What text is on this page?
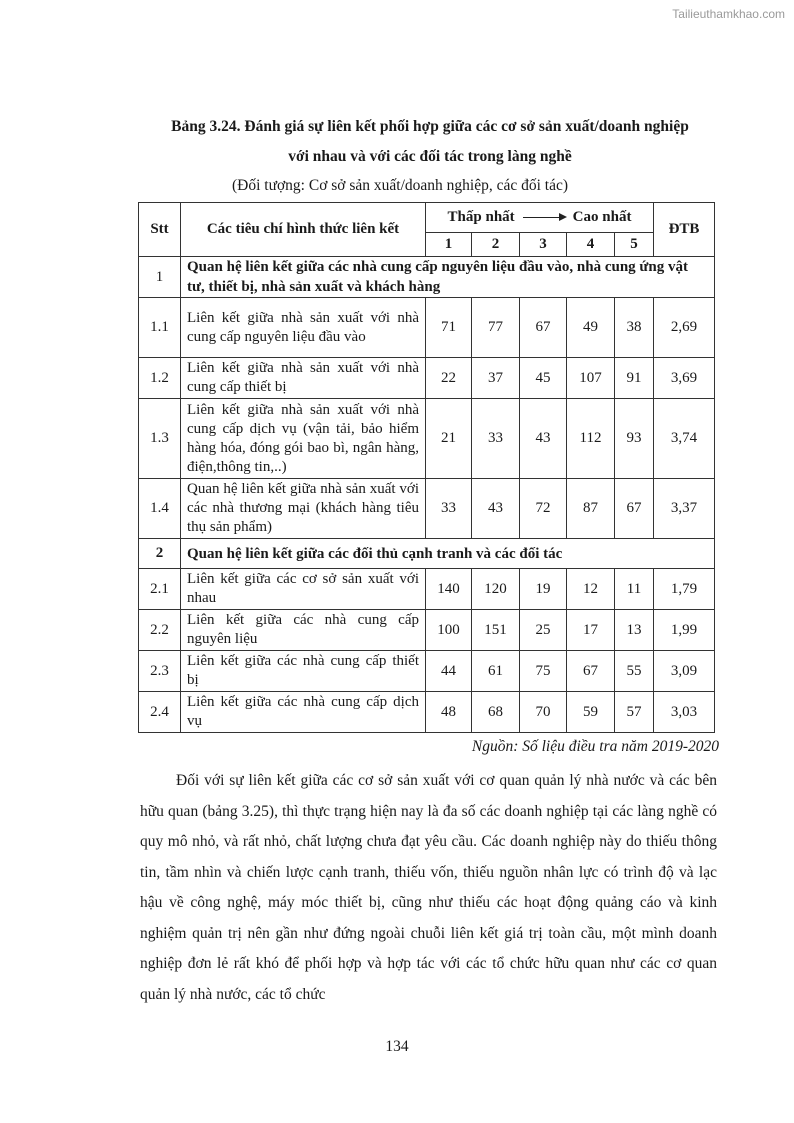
Tailieuthamkhao.com
Bảng 3.24. Đánh giá sự liên kết phối hợp giữa các cơ sở sản xuất/doanh nghiệp
với nhau và với các đối tác trong làng nghề
(Đối tượng: Cơ sở sản xuất/doanh nghiệp, các đối tác)
Stt	Các tiêu chí hình thức liên kết	Thấp nhất Cao nhất					ĐTB
		1	2	3	4	5	
1	Quan hệ liên kết giữa các nhà cung cấp nguyên liệu đầu vào, nhà cung ứng vật tư, thiết bị, nhà sản xuất và khách hàng						
1.1	Liên kết giữa nhà sản xuất với nhà cung cấp nguyên liệu đầu vào	71	77	67	49	38	2,69
1.2	Liên kết giữa nhà sản xuất với nhà cung cấp thiết bị	22	37	45	107	91	3,69
1.3	Liên kết giữa nhà sản xuất với nhà cung cấp dịch vụ (vận tải, bảo hiểm hàng hóa, đóng gói bao bì, ngân hàng, điện,thông tin,..)	21	33	43	112	93	3,74
1.4	Quan hệ liên kết giữa nhà sản xuất với các nhà thương mại (khách hàng tiêu thụ sản phẩm)	33	43	72	87	67	3,37
2	Quan hệ liên kết giữa các đối thủ cạnh tranh và các đối tác						
2.1	Liên kết giữa các cơ sở sản xuất với nhau	140	120	19	12	11	1,79
2.2	Liên kết giữa các nhà cung cấp nguyên liệu	100	151	25	17	13	1,99
2.3	Liên kết giữa các nhà cung cấp thiết bị	44	61	75	67	55	3,09
2.4	Liên kết giữa các nhà cung cấp dịch vụ	48	68	70	59	57	3,03
Nguồn: Số liệu điều tra năm 2019-2020

Đối với sự liên kết giữa các cơ sở sản xuất với cơ quan quản lý nhà nước và các bên hữu quan (bảng 3.25), thì thực trạng hiện nay là đa số các doanh nghiệp tại các làng nghề có quy mô nhỏ, và rất nhỏ, chất lượng chưa đạt yêu cầu. Các doanh nghiệp này do thiếu thông tin, tầm nhìn và chiến lược cạnh tranh, thiếu vốn, thiếu nguồn nhân lực có trình độ và lạc hậu về công nghệ, máy móc thiết bị, cũng như thiếu các hoạt động quảng cáo và kinh nghiệm quản trị nên gần như đứng ngoài chuỗi liên kết giá trị toàn cầu, một mình doanh nghiệp đơn lẻ rất khó để phối hợp và hợp tác với các tổ chức hữu quan như các cơ quan quản lý nhà nước, các tổ chức

134
